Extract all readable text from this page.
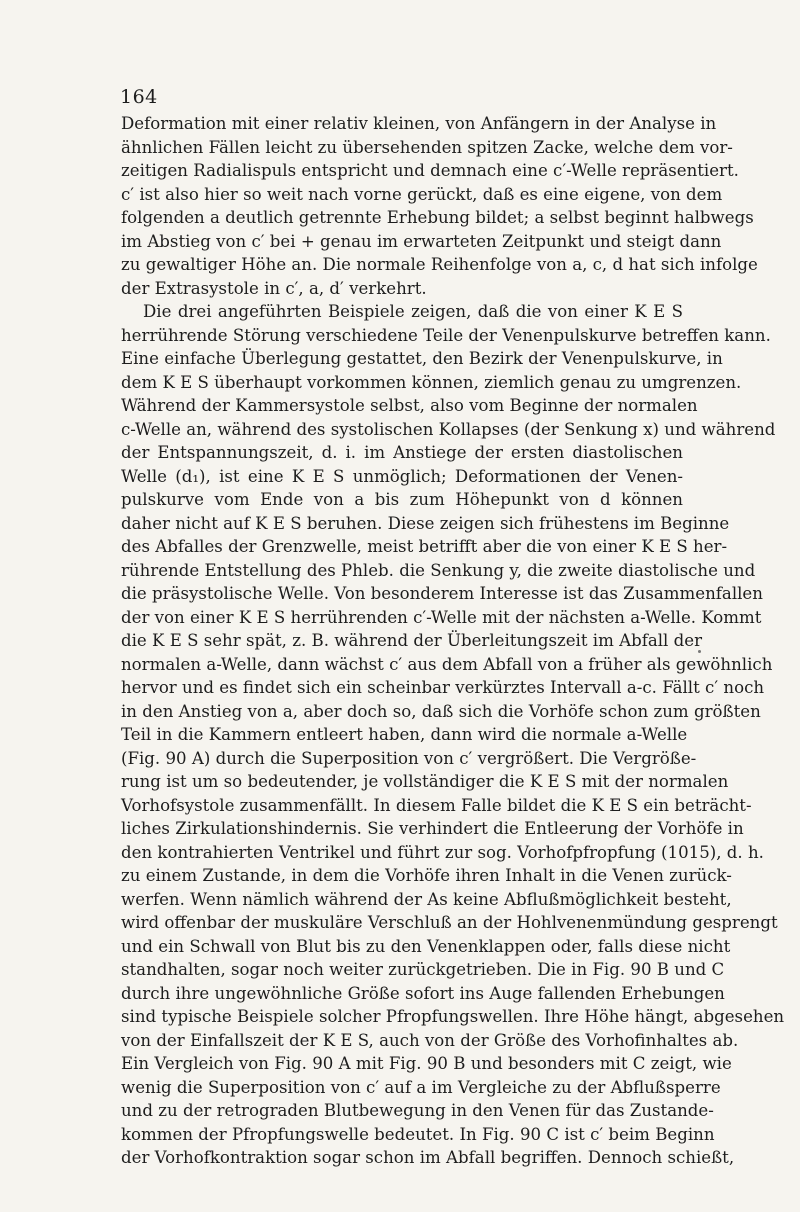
164
Deformation mit einer relativ kleinen, von Anfängern in der Analyse in
ähnlichen Fällen leicht zu übersehenden spitzen Zacke, welche dem vor-
zeitigen Radialispuls entspricht und demnach eine c′-Welle repräsentiert.
c′ ist also hier so weit nach vorne gerückt, daß es eine eigene, von dem
folgenden a deutlich getrennte Erhebung bildet; a selbst beginnt halbwegs
im Abstieg von c′ bei + genau im erwarteten Zeitpunkt und steigt dann
zu gewaltiger Höhe an. Die normale Reihenfolge von a, c, d hat sich infolge
der Extrasystole in c′, a, d′ verkehrt.
Die drei angeführten Beispiele zeigen, daß die von einer K E S
herrührende Störung verschiedene Teile der Venenpulskurve betreffen kann.
Eine einfache Überlegung gestattet, den Bezirk der Venenpulskurve, in
dem K E S überhaupt vorkommen können, ziemlich genau zu umgrenzen.
Während der Kammersystole selbst, also vom Beginne der normalen
c-Welle an, während des systolischen Kollapses (der Senkung x) und während
der Entspannungszeit, d. i. im Anstiege der ersten diastolischen
Welle (d₁), ist eine K E S unmöglich; Deformationen der Venen-
pulskurve vom Ende von a bis zum Höhepunkt von d können
daher nicht auf K E S beruhen. Diese zeigen sich frühestens im Beginne
des Abfalles der Grenzwelle, meist betrifft aber die von einer K E S her-
rührende Entstellung des Phleb. die Senkung y, die zweite diastolische und
die präsystolische Welle. Von besonderem Interesse ist das Zusammenfallen
der von einer K E S herrührenden c′-Welle mit der nächsten a-Welle. Kommt
die K E S sehr spät, z. B. während der Überleitungszeit im Abfall der
normalen a-Welle, dann wächst c′ aus dem Abfall von a früher als gewöhnlich
hervor und es findet sich ein scheinbar verkürztes Intervall a-c. Fällt c′ noch
in den Anstieg von a, aber doch so, daß sich die Vorhöfe schon zum größten
Teil in die Kammern entleert haben, dann wird die normale a-Welle
(Fig. 90 A) durch die Superposition von c′ vergrößert. Die Vergröße-
rung ist um so bedeutender, je vollständiger die K E S mit der normalen
Vorhofsystole zusammenfällt. In diesem Falle bildet die K E S ein beträcht-
liches Zirkulationshindernis. Sie verhindert die Entleerung der Vorhöfe in
den kontrahierten Ventrikel und führt zur sog. Vorhofpfropfung (1015), d. h.
zu einem Zustande, in dem die Vorhöfe ihren Inhalt in die Venen zurück-
werfen. Wenn nämlich während der As keine Abflußmöglichkeit besteht,
wird offenbar der muskuläre Verschluß an der Hohlvenenmündung gesprengt
und ein Schwall von Blut bis zu den Venenklappen oder, falls diese nicht
standhalten, sogar noch weiter zurückgetrieben. Die in Fig. 90 B und C
durch ihre ungewöhnliche Größe sofort ins Auge fallenden Erhebungen
sind typische Beispiele solcher Pfropfungswellen. Ihre Höhe hängt, abgesehen
von der Einfallszeit der K E S, auch von der Größe des Vorhofinhaltes ab.
Ein Vergleich von Fig. 90 A mit Fig. 90 B und besonders mit C zeigt, wie
wenig die Superposition von c′ auf a im Vergleiche zu der Abflußsperre
und zu der retrograden Blutbewegung in den Venen für das Zustande-
kommen der Pfropfungswelle bedeutet. In Fig. 90 C ist c′ beim Beginn
der Vorhofkontraktion sogar schon im Abfall begriffen. Dennoch schießt,
